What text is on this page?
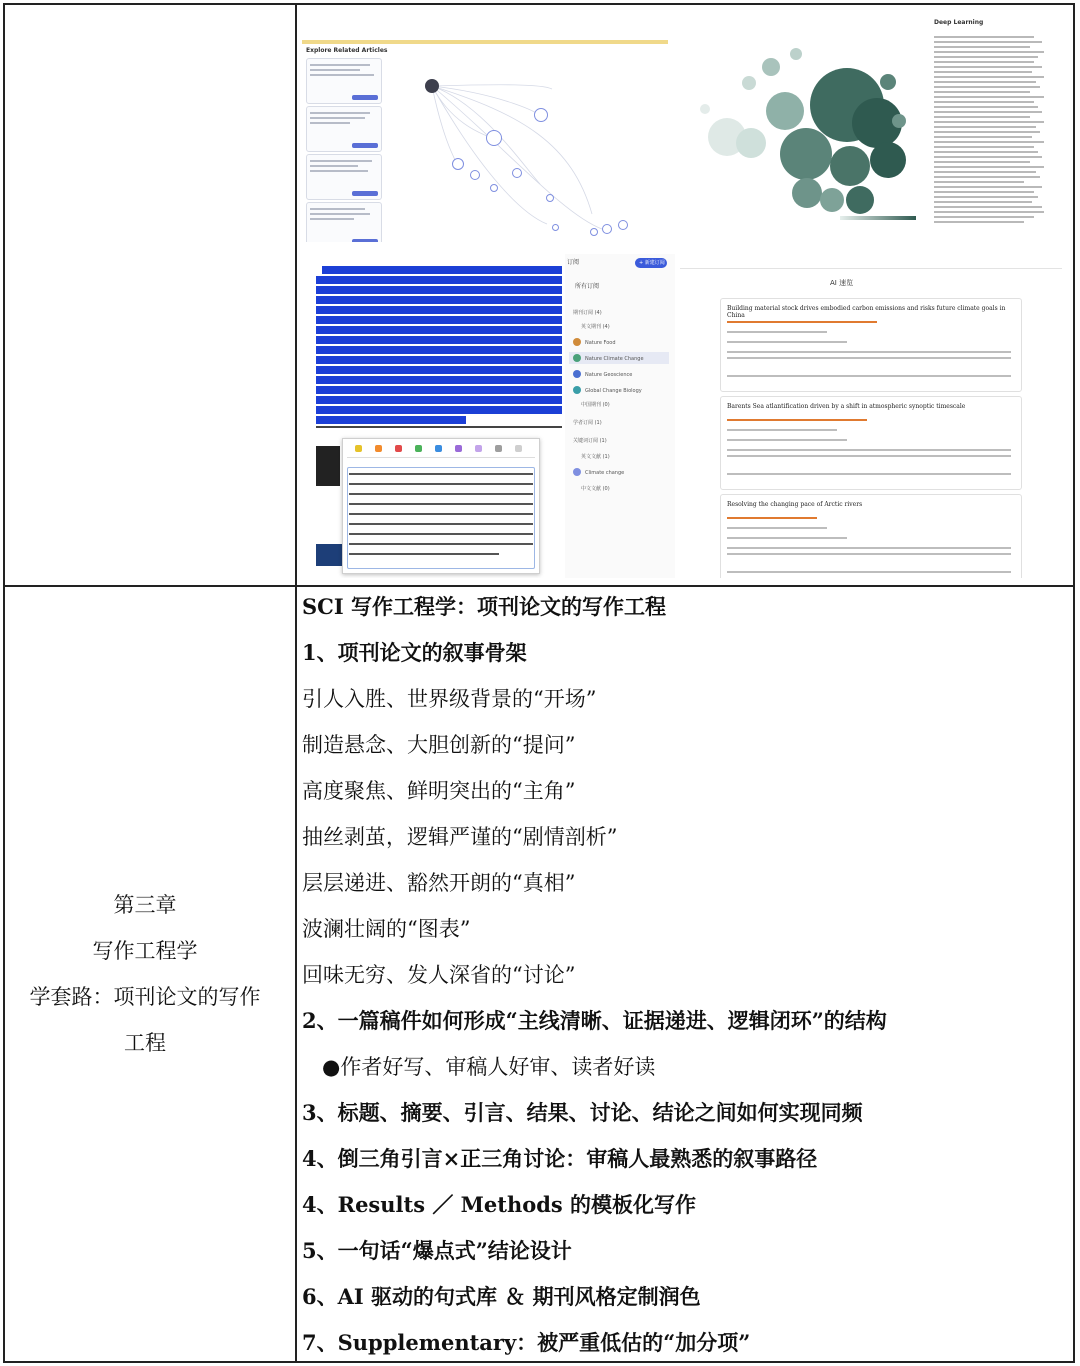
Explore Related Articles
Deep Learning
订阅	+ 新建订阅
所有订阅
期刊订阅 (4)
英文期刊 (4)
Nature Food
Nature Climate Change
Nature Geoscience
Global Change Biology
中国期刊 (0)
学者订阅 (1)
关键词订阅 (1)
英文文献 (1)
Climate change
中文文献 (0)
AI 速览
Building material stock drives embodied carbon emissions and risks future climate goals in China
Barents Sea atlantification driven by a shift in atmospheric synoptic timescale
Resolving the changing pace of Arctic rivers
第三章
写作工程学
学套路：项刊论文的写作
工程
SCI 写作工程学：项刊论文的写作工程
1、项刊论文的叙事骨架
引人入胜、世界级背景的“开场”
制造悬念、大胆创新的“提问”
高度聚焦、鲜明突出的“主角”
抽丝剥茧，逻辑严谨的“剧情剖析”
层层递进、豁然开朗的“真相”
波澜壮阔的“图表”
回味无穷、发人深省的“讨论”
2、一篇稿件如何形成“主线清晰、证据递进、逻辑闭环”的结构
●作者好写、审稿人好审、读者好读
3、标题、摘要、引言、结果、讨论、结论之间如何实现同频
4、倒三角引言×正三角讨论：审稿人最熟悉的叙事路径
4、Results ／ Methods 的模板化写作
5、一句话“爆点式”结论设计
6、AI 驱动的句式库 ＆ 期刊风格定制润色
7、Supplementary：被严重低估的“加分项”
